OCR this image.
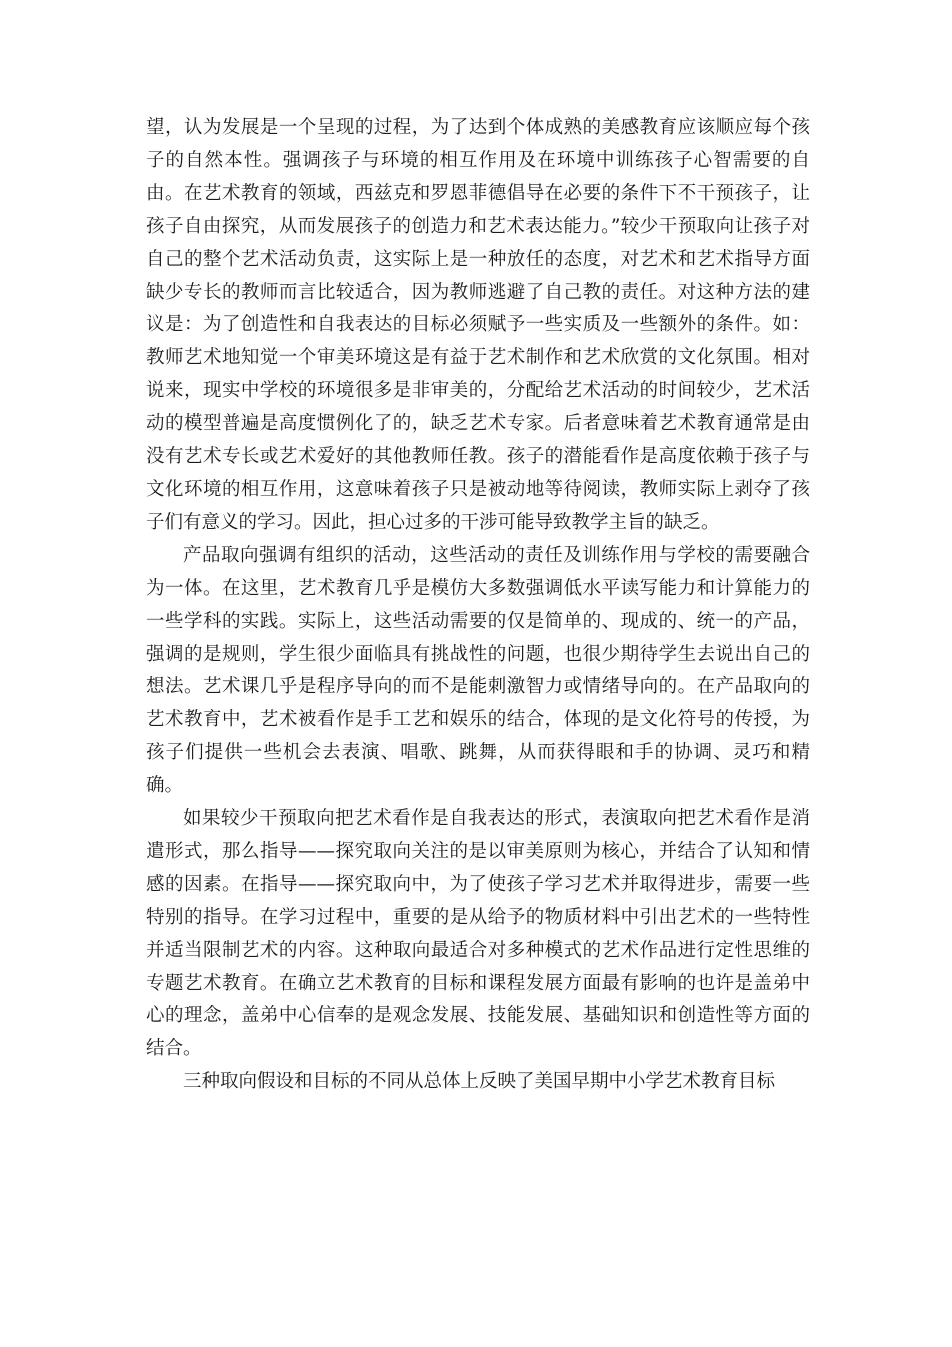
望，认为发展是一个呈现的过程，为了达到个体成熟的美感教育应该顺应每个孩子的自然本性。强调孩子与环境的相互作用及在环境中训练孩子心智需要的自由。在艺术教育的领域，西兹克和罗恩菲德倡导在必要的条件下不干预孩子，让孩子自由探究，从而发展孩子的创造力和艺术表达能力。”较少干预取向让孩子对自己的整个艺术活动负责，这实际上是一种放任的态度，对艺术和艺术指导方面缺少专长的教师而言比较适合，因为教师逃避了自己教的责任。对这种方法的建议是：为了创造性和自我表达的目标必须赋予一些实质及一些额外的条件。如：教师艺术地知觉一个审美环境这是有益于艺术制作和艺术欣赏的文化氛围。相对说来，现实中学校的环境很多是非审美的，分配给艺术活动的时间较少，艺术活动的模型普遍是高度惯例化了的，缺乏艺术专家。后者意味着艺术教育通常是由没有艺术专长或艺术爱好的其他教师任教。孩子的潜能看作是高度依赖于孩子与文化环境的相互作用，这意味着孩子只是被动地等待阅读，教师实际上剥夺了孩子们有意义的学习。因此，担心过多的干涉可能导致教学主旨的缺乏。

产品取向强调有组织的活动，这些活动的责任及训练作用与学校的需要融合为一体。在这里，艺术教育几乎是模仿大多数强调低水平读写能力和计算能力的一些学科的实践。实际上，这些活动需要的仅是简单的、现成的、统一的产品，强调的是规则，学生很少面临具有挑战性的问题，也很少期待学生去说出自己的想法。艺术课几乎是程序导向的而不是能刺激智力或情绪导向的。在产品取向的艺术教育中，艺术被看作是手工艺和娱乐的结合，体现的是文化符号的传授，为孩子们提供一些机会去表演、唱歌、跳舞，从而获得眼和手的协调、灵巧和精确。

如果较少干预取向把艺术看作是自我表达的形式，表演取向把艺术看作是消遣形式，那么指导——探究取向关注的是以审美原则为核心，并结合了认知和情感的因素。在指导——探究取向中，为了使孩子学习艺术并取得进步，需要一些特别的指导。在学习过程中，重要的是从给予的物质材料中引出艺术的一些特性并适当限制艺术的内容。这种取向最适合对多种模式的艺术作品进行定性思维的专题艺术教育。在确立艺术教育的目标和课程发展方面最有影响的也许是盖弟中心的理念，盖弟中心信奉的是观念发展、技能发展、基础知识和创造性等方面的结合。

三种取向假设和目标的不同从总体上反映了美国早期中小学艺术教育目标
